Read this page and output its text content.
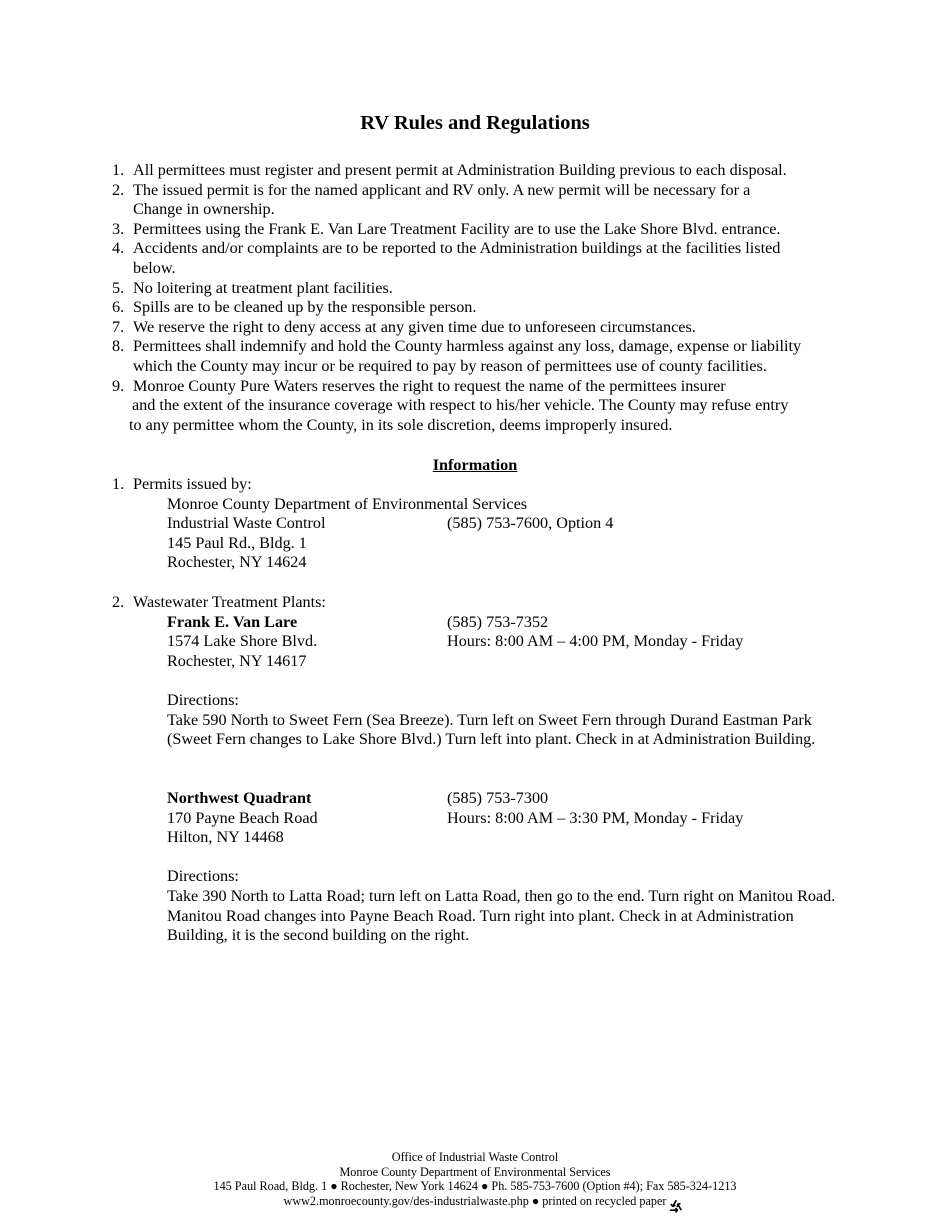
RV Rules and Regulations
1. All permittees must register and present permit at Administration Building previous to each disposal.
2. The issued permit is for the named applicant and RV only. A new permit will be necessary for a
Change in ownership.
3. Permittees using the Frank E. Van Lare Treatment Facility are to use the Lake Shore Blvd. entrance.
4. Accidents and/or complaints are to be reported to the Administration buildings at the facilities listed
below.
5. No loitering at treatment plant facilities.
6. Spills are to be cleaned up by the responsible person.
7. We reserve the right to deny access at any given time due to unforeseen circumstances.
8. Permittees shall indemnify and hold the County harmless against any loss, damage, expense or liability
which the County may incur or be required to pay by reason of permittees use of county facilities.
9. Monroe County Pure Waters reserves the right to request the name of the permittees insurer
and the extent of the insurance coverage with respect to his/her vehicle. The County may refuse entry
to any permittee whom the County, in its sole discretion, deems improperly insured.
Information
1. Permits issued by:
Monroe County Department of Environmental Services
Industrial Waste Control	(585) 753-7600, Option 4
145 Paul Rd., Bldg. 1
Rochester, NY 14624
2. Wastewater Treatment Plants:
Frank E. Van Lare	(585) 753-7352
1574 Lake Shore Blvd.	Hours: 8:00 AM – 4:00 PM, Monday - Friday
Rochester, NY 14617
Directions:
Take 590 North to Sweet Fern (Sea Breeze). Turn left on Sweet Fern through Durand Eastman Park (Sweet Fern changes to Lake Shore Blvd.) Turn left into plant. Check in at Administration Building.
Northwest Quadrant	(585) 753-7300
170 Payne Beach Road	Hours: 8:00 AM – 3:30 PM, Monday - Friday
Hilton, NY 14468
Directions:
Take 390 North to Latta Road; turn left on Latta Road, then go to the end. Turn right on Manitou Road. Manitou Road changes into Payne Beach Road. Turn right into plant. Check in at Administration Building, it is the second building on the right.
Office of Industrial Waste Control
Monroe County Department of Environmental Services
145 Paul Road, Bldg. 1 ● Rochester, New York 14624 ● Ph. 585-753-7600 (Option #4); Fax 585-324-1213
www2.monroecounty.gov/des-industrialwaste.php ● printed on recycled paper
